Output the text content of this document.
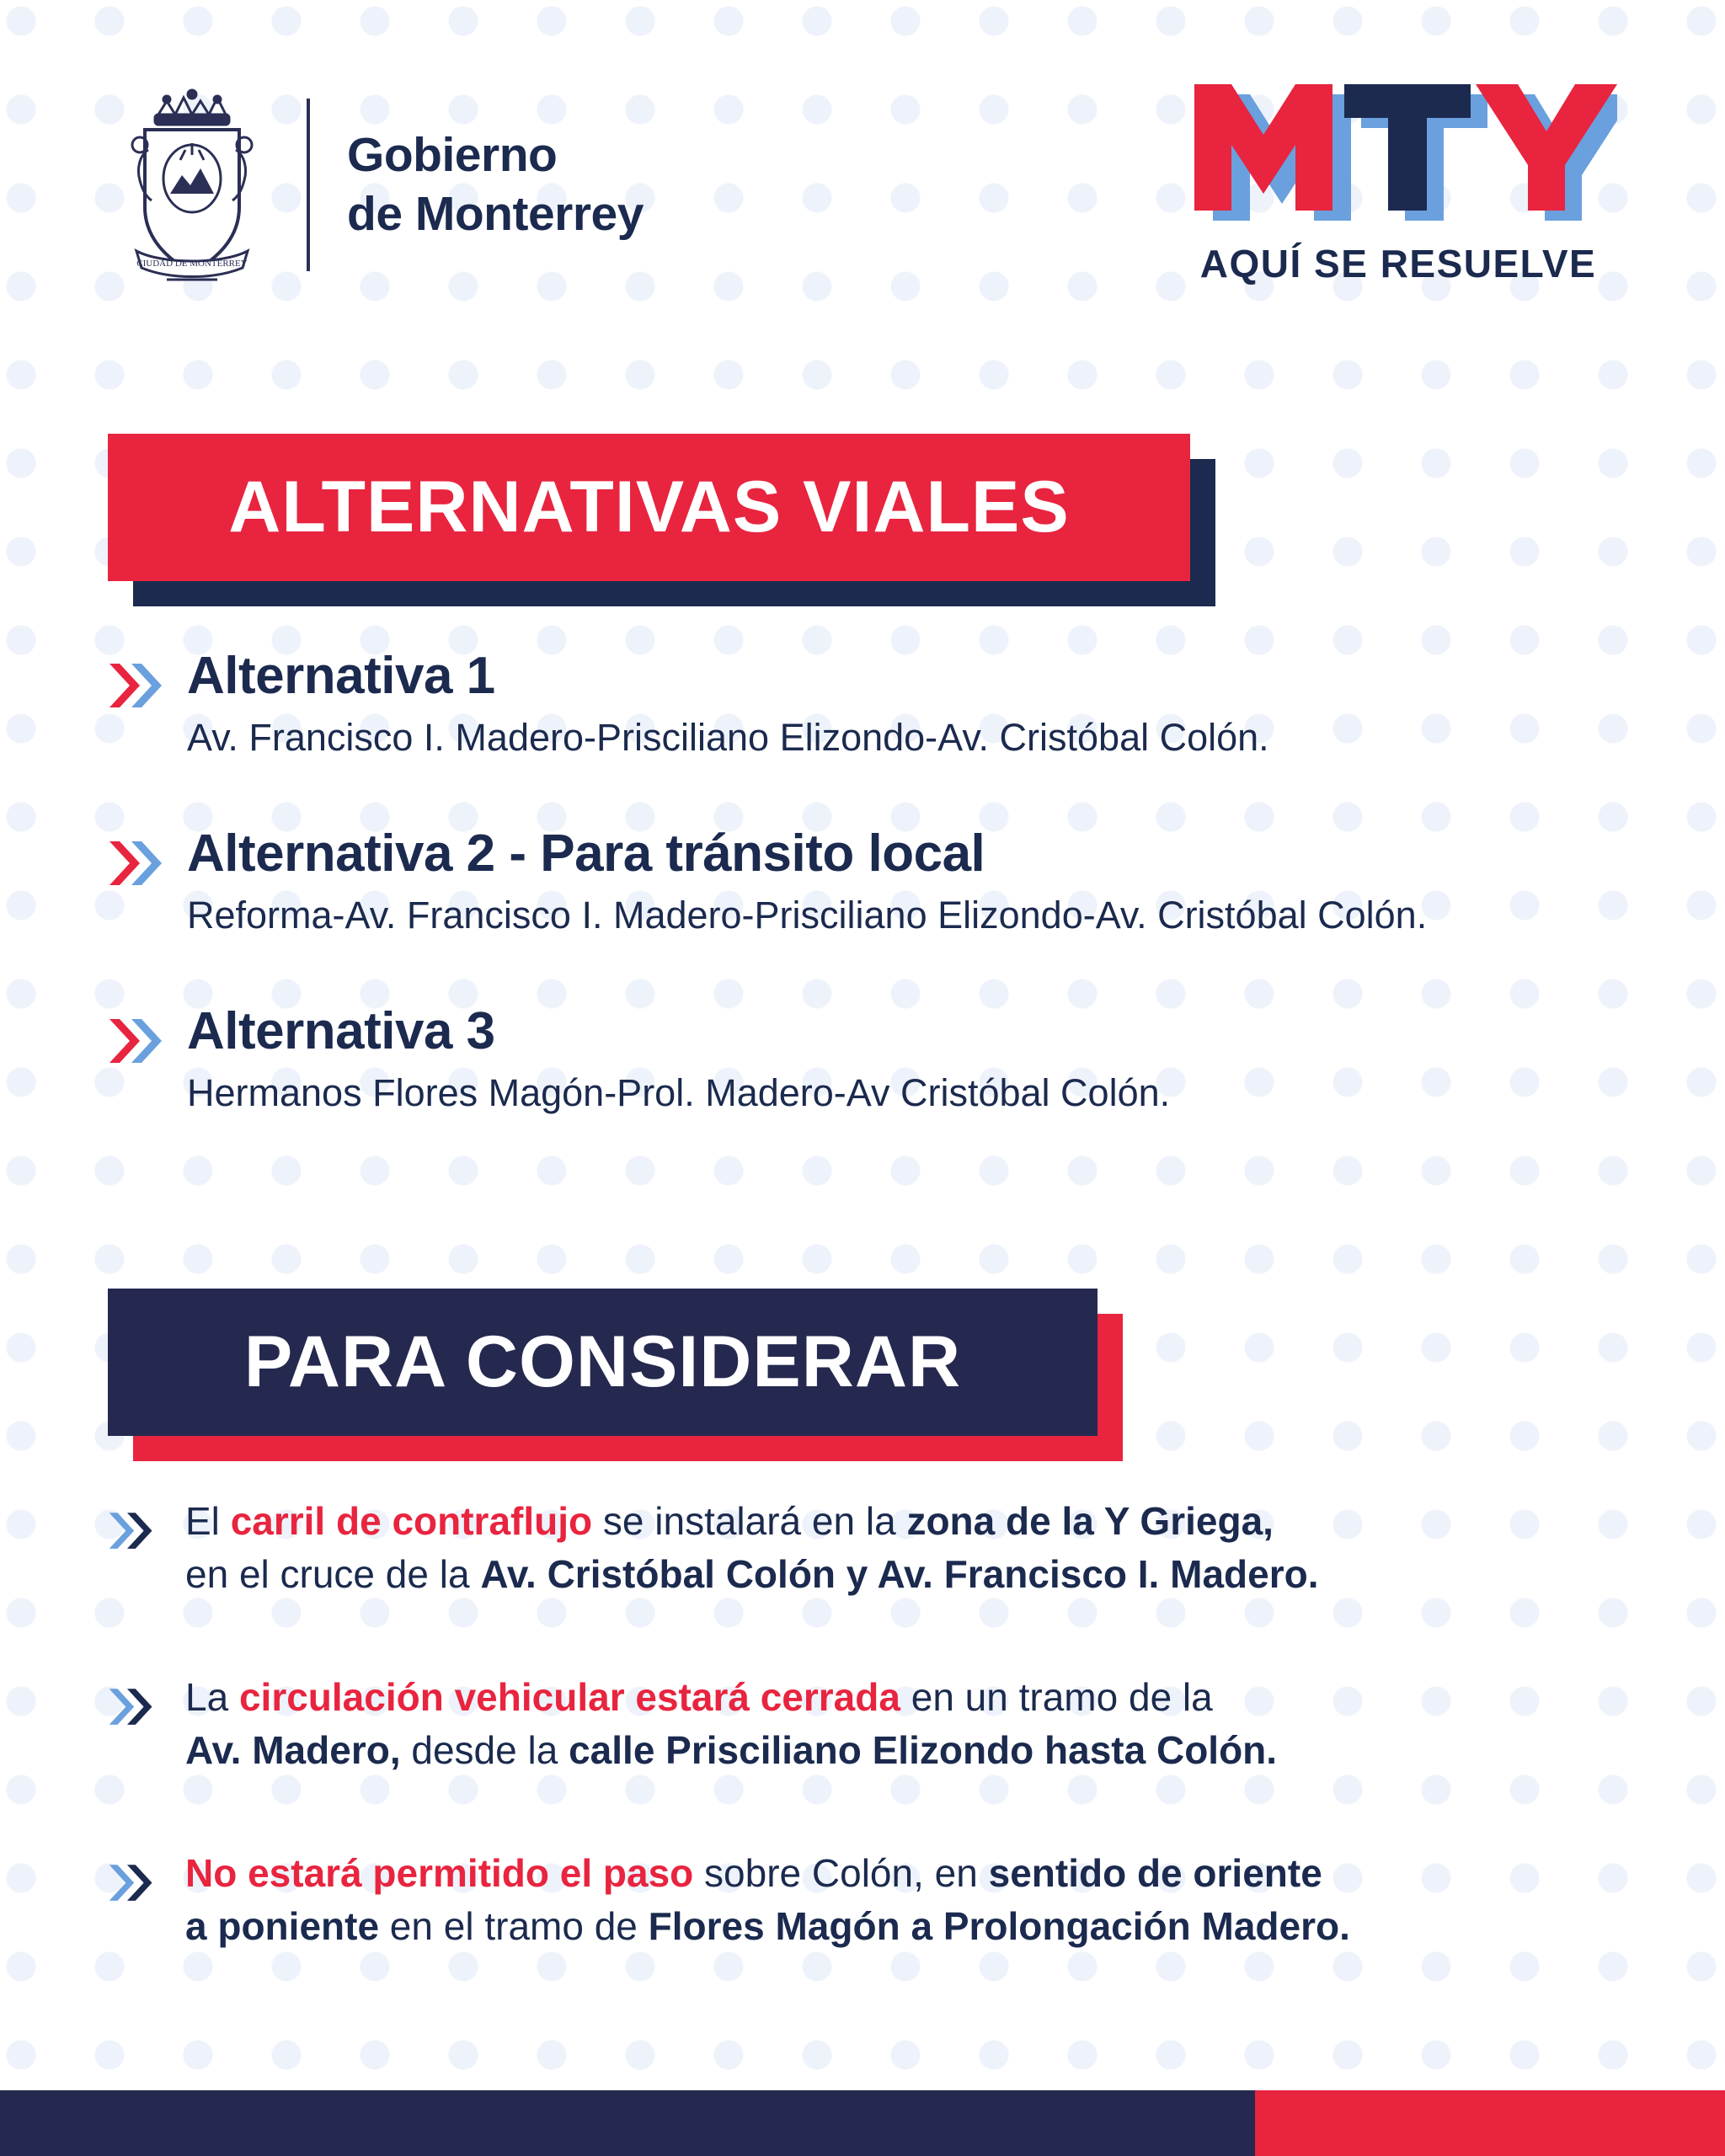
CIUDAD DE MONTERREY
Gobierno
de Monterrey
AQUÍ SE RESUELVE
ALTERNATIVAS VIALES
Alternativa 1
Av. Francisco I. Madero-Prisciliano Elizondo-Av. Cristóbal Colón.
Alternativa 2 - Para tránsito local
Reforma-Av. Francisco I. Madero-Prisciliano Elizondo-Av. Cristóbal Colón.
Alternativa 3
Hermanos Flores Magón-Prol. Madero-Av Cristóbal Colón.
PARA CONSIDERAR
El carril de contraflujo se instalará en la zona de la Y Griega,
en el cruce de la Av. Cristóbal Colón y Av. Francisco I. Madero.
La circulación vehicular estará cerrada en un tramo de la
Av. Madero, desde la calle Prisciliano Elizondo hasta Colón.
No estará permitido el paso sobre Colón, en sentido de oriente
a poniente en el tramo de Flores Magón a Prolongación Madero.
